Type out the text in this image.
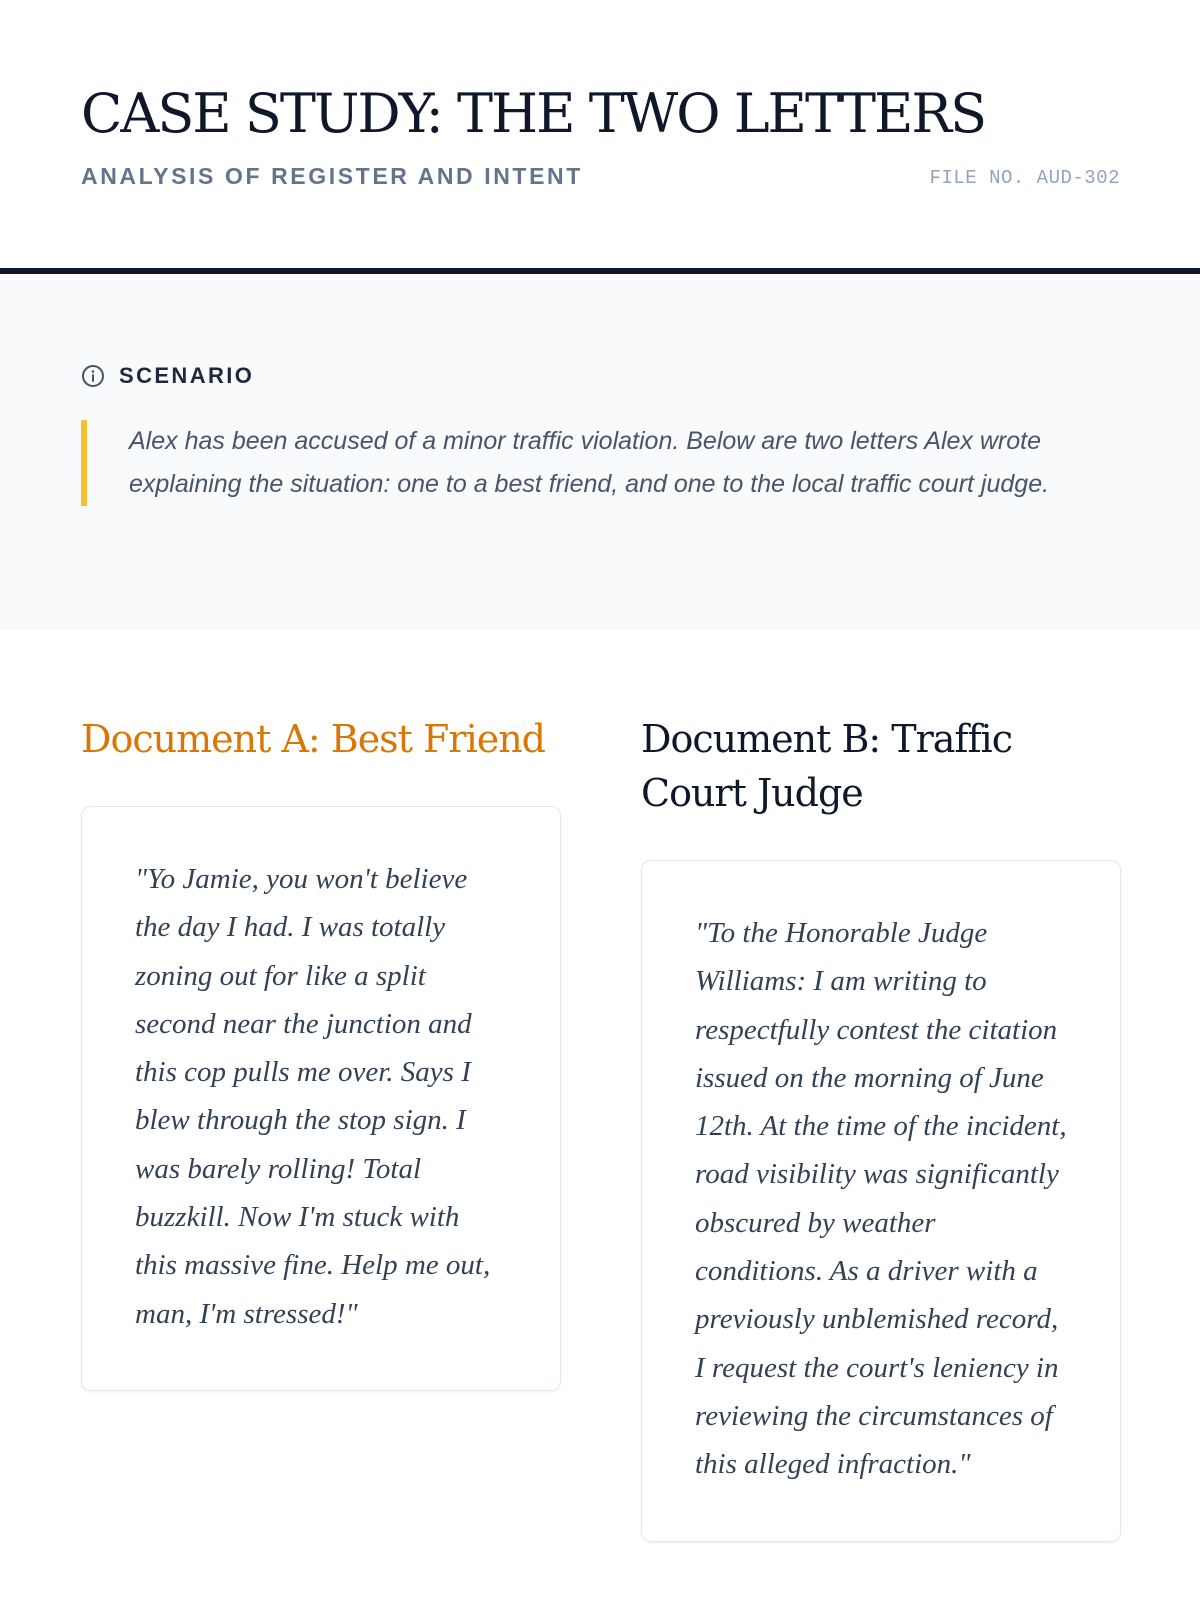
CASE STUDY: THE TWO LETTERS
ANALYSIS OF REGISTER AND INTENT	FILE NO. AUD-302
SCENARIO

Alex has been accused of a minor traffic violation. Below are two letters Alex wrote explaining the situation: one to a best friend, and one to the local traffic court judge.

Document A: Best Friend

"Yo Jamie, you won't believe the day I had. I was totally zoning out for like a split second near the junction and this cop pulls me over. Says I blew through the stop sign. I was barely rolling! Total buzzkill. Now I'm stuck with this massive fine. Help me out, man, I'm stressed!"

Document B: Traffic Court Judge

"To the Honorable Judge Williams: I am writing to respectfully contest the citation issued on the morning of June 12th. At the time of the incident, road visibility was significantly obscured by weather conditions. As a driver with a previously unblemished record, I request the court's leniency in reviewing the circumstances of this alleged infraction."
